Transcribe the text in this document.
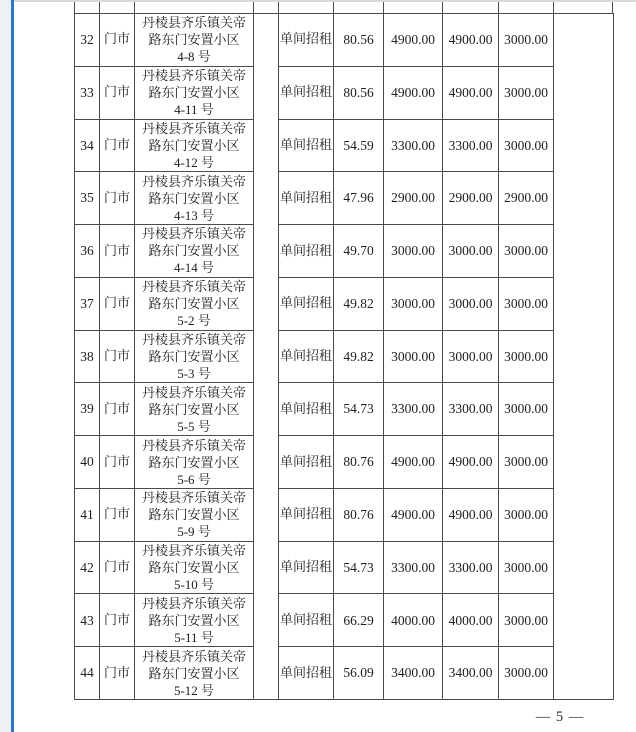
32	门市	丹棱县齐乐镇关帝
路东门安置小区
4-8 号		单间招租	80.56	4900.00	4900.00	3000.00	
33	门市	丹棱县齐乐镇关帝
路东门安置小区
4-11 号		单间招租	80.56	4900.00	4900.00	3000.00	
34	门市	丹棱县齐乐镇关帝
路东门安置小区
4-12 号		单间招租	54.59	3300.00	3300.00	3000.00	
35	门市	丹棱县齐乐镇关帝
路东门安置小区
4-13 号		单间招租	47.96	2900.00	2900.00	2900.00	
36	门市	丹棱县齐乐镇关帝
路东门安置小区
4-14 号		单间招租	49.70	3000.00	3000.00	3000.00	
37	门市	丹棱县齐乐镇关帝
路东门安置小区
5-2 号		单间招租	49.82	3000.00	3000.00	3000.00	
38	门市	丹棱县齐乐镇关帝
路东门安置小区
5-3 号		单间招租	49.82	3000.00	3000.00	3000.00	
39	门市	丹棱县齐乐镇关帝
路东门安置小区
5-5 号		单间招租	54.73	3300.00	3300.00	3000.00	
40	门市	丹棱县齐乐镇关帝
路东门安置小区
5-6 号		单间招租	80.76	4900.00	4900.00	3000.00	
41	门市	丹棱县齐乐镇关帝
路东门安置小区
5-9 号		单间招租	80.76	4900.00	4900.00	3000.00	
42	门市	丹棱县齐乐镇关帝
路东门安置小区
5-10 号		单间招租	54.73	3300.00	3300.00	3000.00	
43	门市	丹棱县齐乐镇关帝
路东门安置小区
5-11 号		单间招租	66.29	4000.00	4000.00	3000.00	
44	门市	丹棱县齐乐镇关帝
路东门安置小区
5-12 号		单间招租	56.09	3400.00	3400.00	3000.00	
— 5 —
